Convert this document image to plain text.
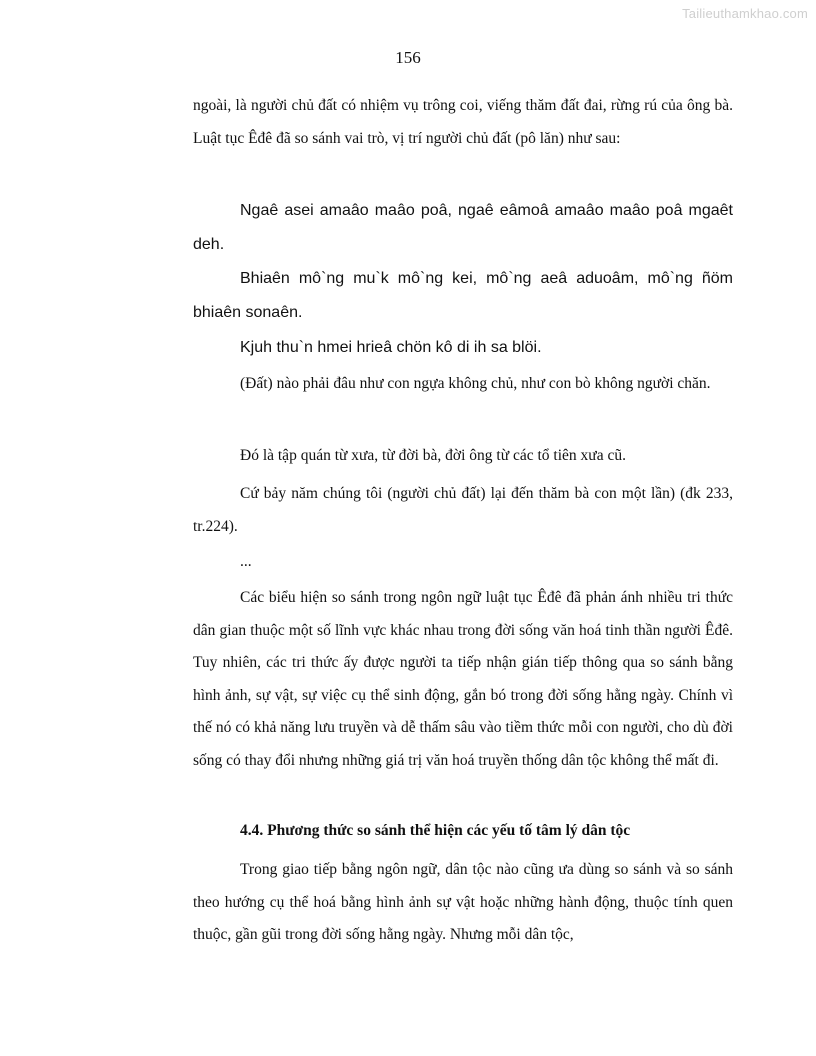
Tailieuthamkhao.com
156

ngoài, là người chủ đất có nhiệm vụ trông coi, viếng thăm đất đai, rừng rú của ông bà. Luật tục Êđê đã so sánh vai trò, vị trí người chủ đất (pô lăn) như sau:

Ngaê asei amaâo maâo poâ, ngaê eâmoâ amaâo maâo poâ mgaêt deh.

Bhiaên mô`ng mu`k mô`ng kei, mô`ng aeâ aduoâm, mô`ng ñöm bhiaên sonaên.

Kjuh thu`n hmei hrieâ chön kô di ih sa blöi.

(Đất) nào phải đâu như con ngựa không chủ, như con bò không người chăn.

Đó là tập quán từ xưa, từ đời bà, đời ông từ các tổ tiên xưa cũ.

Cứ bảy năm chúng tôi (người chủ đất) lại đến thăm bà con một lần) (đk 233, tr.224).

...

Các biểu hiện so sánh trong ngôn ngữ luật tục Êđê đã phản ánh nhiều tri thức dân gian thuộc một số lĩnh vực khác nhau trong đời sống văn hoá tinh thần người Êđê. Tuy nhiên, các tri thức ấy được người ta tiếp nhận gián tiếp thông qua so sánh bằng hình ảnh, sự vật, sự việc cụ thể sinh động, gắn bó trong đời sống hằng ngày. Chính vì thế nó có khả năng lưu truyền và dễ thấm sâu vào tiềm thức mỗi con người, cho dù đời sống có thay đổi nhưng những giá trị văn hoá truyền thống dân tộc không thể mất đi.

4.4. Phương thức so sánh thể hiện các yếu tố tâm lý dân tộc

Trong giao tiếp bằng ngôn ngữ, dân tộc nào cũng ưa dùng so sánh và so sánh theo hướng cụ thể hoá bằng hình ảnh sự vật hoặc những hành động, thuộc tính quen thuộc, gần gũi trong đời sống hằng ngày. Nhưng mỗi dân tộc,
